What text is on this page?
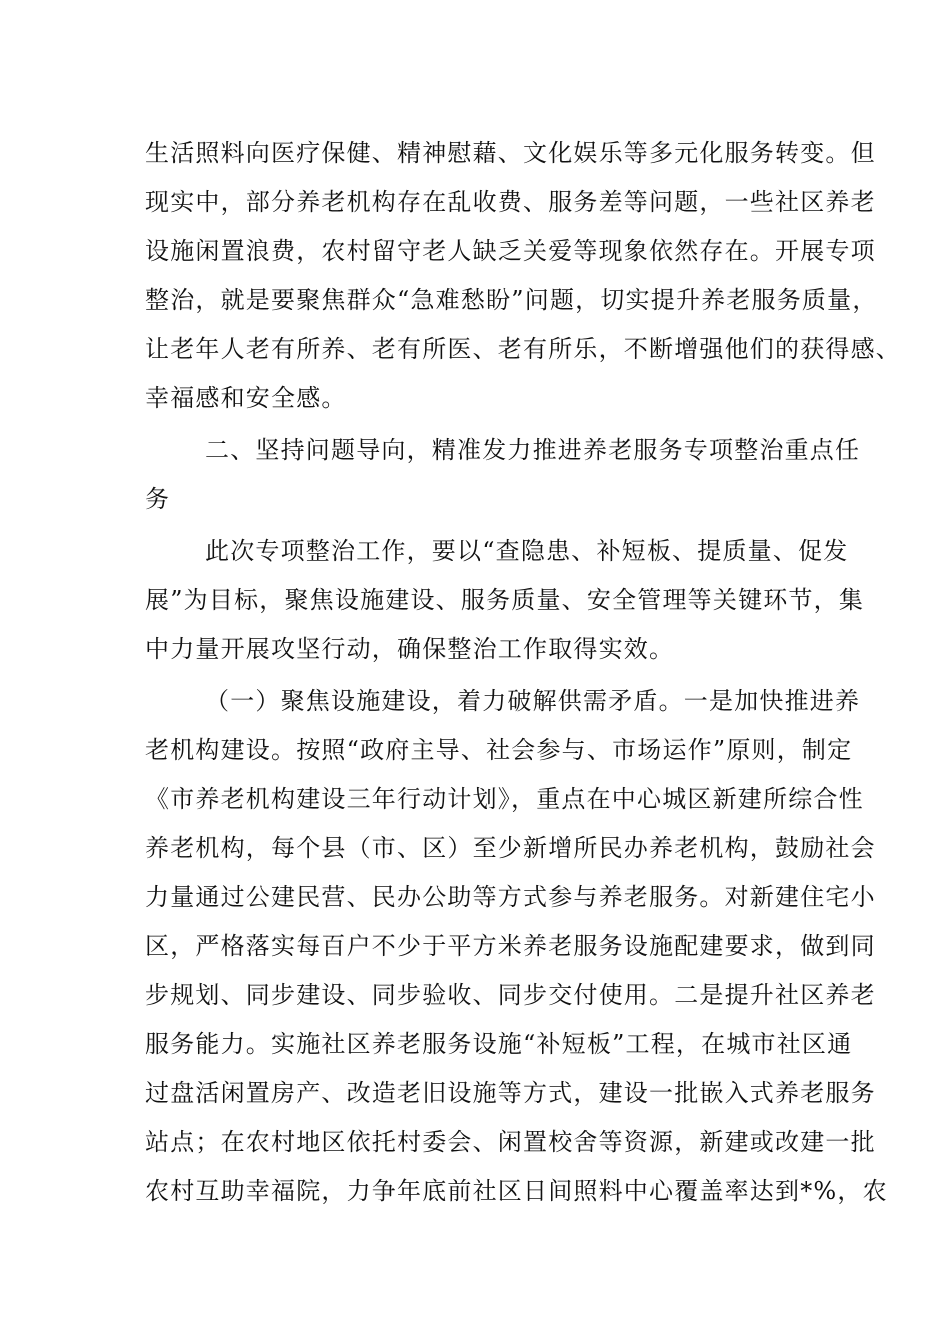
生活照料向医疗保健、精神慰藉、文化娱乐等多元化服务转变。但
现实中，部分养老机构存在乱收费、服务差等问题，一些社区养老
设施闲置浪费，农村留守老人缺乏关爱等现象依然存在。开展专项
整治，就是要聚焦群众“急难愁盼”问题，切实提升养老服务质量，
让老年人老有所养、老有所医、老有所乐，不断增强他们的获得感、
幸福感和安全感。
二、坚持问题导向，精准发力推进养老服务专项整治重点任
务
此次专项整治工作，要以“查隐患、补短板、提质量、促发
展”为目标，聚焦设施建设、服务质量、安全管理等关键环节，集
中力量开展攻坚行动，确保整治工作取得实效。
（一）聚焦设施建设，着力破解供需矛盾。一是加快推进养
老机构建设。按照“政府主导、社会参与、市场运作”原则，制定
《市养老机构建设三年行动计划》，重点在中心城区新建所综合性
养老机构，每个县（市、区）至少新增所民办养老机构，鼓励社会
力量通过公建民营、民办公助等方式参与养老服务。对新建住宅小
区，严格落实每百户不少于平方米养老服务设施配建要求，做到同
步规划、同步建设、同步验收、同步交付使用。二是提升社区养老
服务能力。实施社区养老服务设施“补短板”工程，在城市社区通
过盘活闲置房产、改造老旧设施等方式，建设一批嵌入式养老服务
站点；在农村地区依托村委会、闲置校舍等资源，新建或改建一批
农村互助幸福院，力争年底前社区日间照料中心覆盖率达到*%，农
